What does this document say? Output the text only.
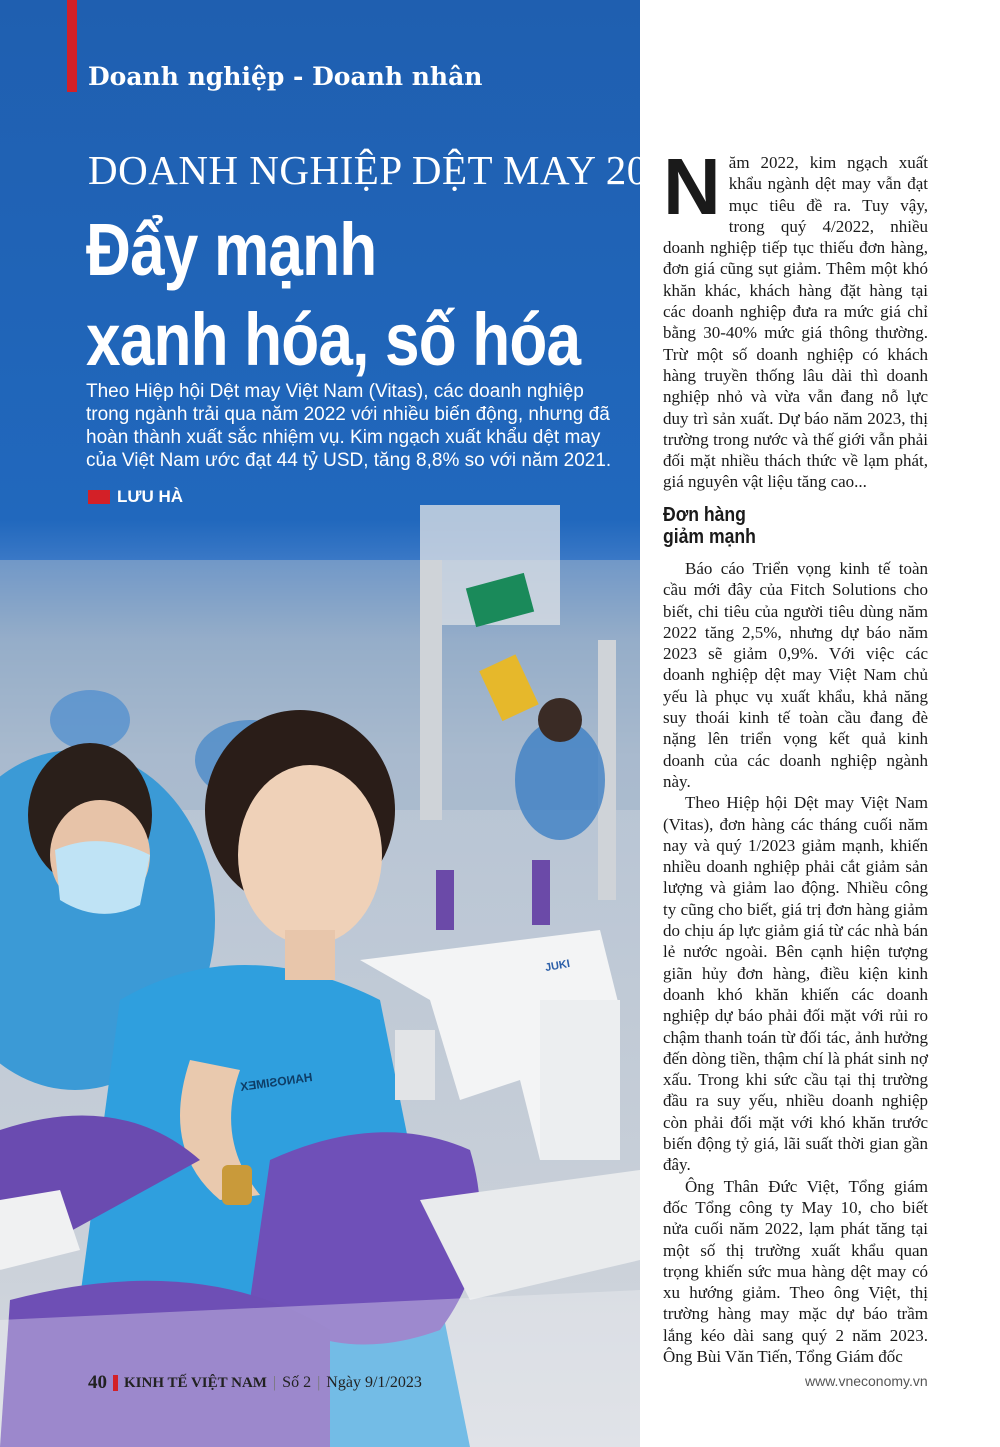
Doanh nghiệp - Doanh nhân
DOANH NGHIỆP DỆT MAY 2023
Đẩy mạnh
xanh hóa, số hóa
Theo Hiệp hội Dệt may Việt Nam (Vitas), các doanh nghiệp trong ngành trải qua năm 2022 với nhiều biến động, nhưng đã hoàn thành xuất sắc nhiệm vụ. Kim ngạch xuất khẩu dệt may của Việt Nam ước đạt 44 tỷ USD, tăng 8,8% so với năm 2021.
LƯU HÀ
HANOSIMEX
JUKI
40 KINH TẾ VIỆT NAM | Số 2 | Ngày 9/1/2023	www.vneconomy.vn
N ăm 2022, kim ngạch xuất khẩu ngành dệt may vẫn đạt mục tiêu đề ra. Tuy vậy, trong quý 4/2022, nhiều doanh nghiệp tiếp tục thiếu đơn hàng, đơn giá cũng sụt giảm. Thêm một khó khăn khác, khách hàng đặt hàng tại các doanh nghiệp đưa ra mức giá chỉ bằng 30-40% mức giá thông thường. Trừ một số doanh nghiệp có khách hàng truyền thống lâu dài thì doanh nghiệp nhỏ và vừa vẫn đang nỗ lực duy trì sản xuất. Dự báo năm 2023, thị trường trong nước và thế giới vẫn phải đối mặt nhiều thách thức về lạm phát, giá nguyên vật liệu tăng cao...

Đơn hàng
giảm mạnh

Báo cáo Triển vọng kinh tế toàn cầu mới đây của Fitch Solutions cho biết, chi tiêu của người tiêu dùng năm 2022 tăng 2,5%, nhưng dự báo năm 2023 sẽ giảm 0,9%. Với việc các doanh nghiệp dệt may Việt Nam chủ yếu là phục vụ xuất khẩu, khả năng suy thoái kinh tế toàn cầu đang đè nặng lên triển vọng kết quả kinh doanh của các doanh nghiệp ngành này.

Theo Hiệp hội Dệt may Việt Nam (Vitas), đơn hàng các tháng cuối năm nay và quý 1/2023 giảm mạnh, khiến nhiều doanh nghiệp phải cắt giảm sản lượng và giảm lao động. Nhiều công ty cũng cho biết, giá trị đơn hàng giảm do chịu áp lực giảm giá từ các nhà bán lẻ nước ngoài. Bên cạnh hiện tượng giãn hủy đơn hàng, điều kiện kinh doanh khó khăn khiến các doanh nghiệp dự báo phải đối mặt với rủi ro chậm thanh toán từ đối tác, ảnh hưởng đến dòng tiền, thậm chí là phát sinh nợ xấu. Trong khi sức cầu tại thị trường đầu ra suy yếu, nhiều doanh nghiệp còn phải đối mặt với khó khăn trước biến động tỷ giá, lãi suất thời gian gần đây.

Ông Thân Đức Việt, Tổng giám đốc Tổng công ty May 10, cho biết nửa cuối năm 2022, lạm phát tăng tại một số thị trường xuất khẩu quan trọng khiến sức mua hàng dệt may có xu hướng giảm. Theo ông Việt, thị trường hàng may mặc dự báo trầm lắng kéo dài sang quý 2 năm 2023. Ông Bùi Văn Tiến, Tổng Giám đốc
